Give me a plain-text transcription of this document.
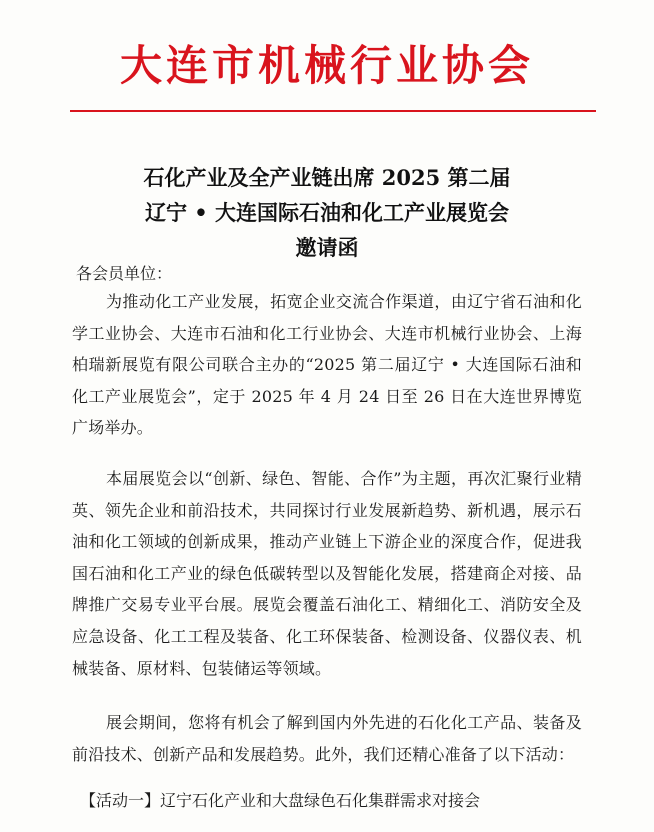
大连市机械行业协会
石化产业及全产业链出席 2025 第二届
辽宁 • 大连国际石油和化工产业展览会
邀请函
各会员单位：
为推动化工产业发展，拓宽企业交流合作渠道，由辽宁省石油和化学工业协会、大连市石油和化工行业协会、大连市机械行业协会、上海柏瑞新展览有限公司联合主办的“2025 第二届辽宁 • 大连国际石油和化工产业展览会”，定于 2025 年 4 月 24 日至 26 日在大连世界博览广场举办。
本届展览会以“创新、绿色、智能、合作”为主题，再次汇聚行业精英、领先企业和前沿技术，共同探讨行业发展新趋势、新机遇，展示石油和化工领域的创新成果，推动产业链上下游企业的深度合作，促进我国石油和化工产业的绿色低碳转型以及智能化发展，搭建商企对接、品牌推广交易专业平台展。展览会覆盖石油化工、精细化工、消防安全及应急设备、化工工程及装备、化工环保装备、检测设备、仪器仪表、机械装备、原材料、包装储运等领域。
展会期间，您将有机会了解到国内外先进的石化化工产品、装备及前沿技术、创新产品和发展趋势。此外，我们还精心准备了以下活动：
【活动一】辽宁石化产业和大盘绿色石化集群需求对接会
